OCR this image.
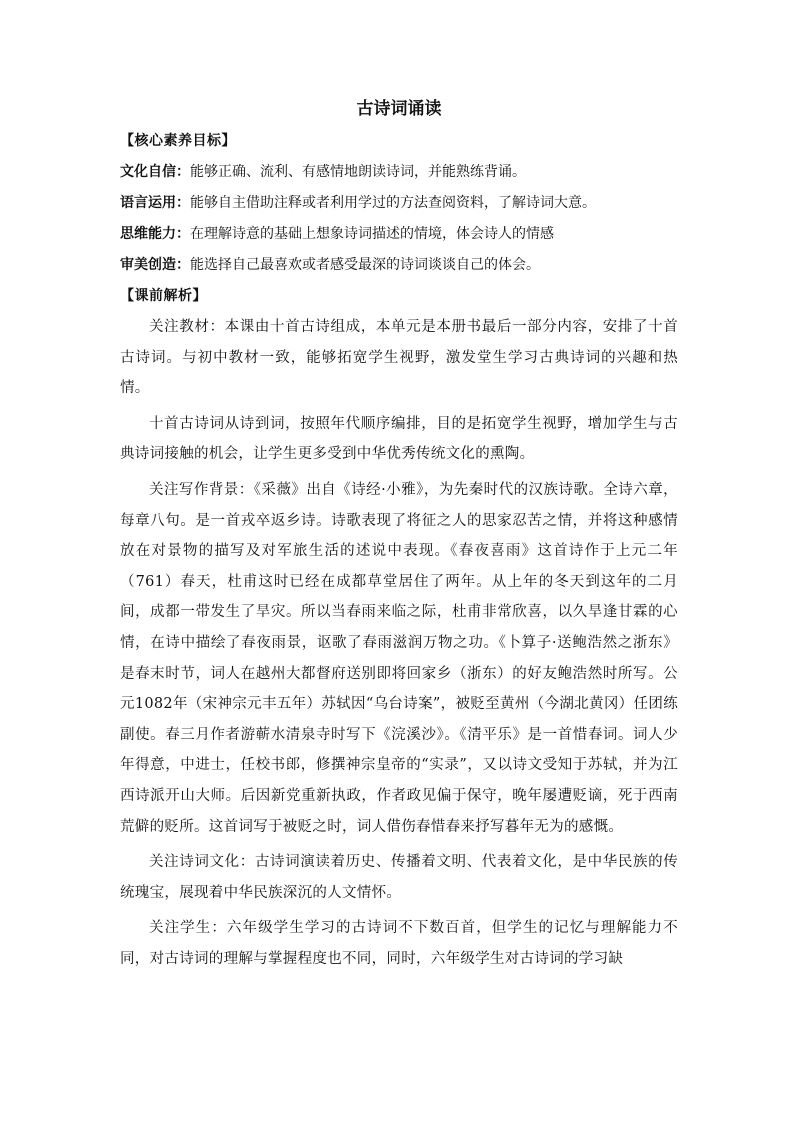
古诗词诵读
【核心素养目标】
文化自信：能够正确、流利、有感情地朗读诗词，并能熟练背诵。
语言运用：能够自主借助注释或者利用学过的方法查阅资料，了解诗词大意。
思维能力：在理解诗意的基础上想象诗词描述的情境，体会诗人的情感
审美创造：能选择自己最喜欢或者感受最深的诗词谈谈自己的体会。
【课前解析】

关注教材：本课由十首古诗组成，本单元是本册书最后一部分内容，安排了十首古诗词。与初中教材一致，能够拓宽学生视野，激发堂生学习古典诗词的兴趣和热情。

十首古诗词从诗到词，按照年代顺序编排，目的是拓宽学生视野，增加学生与古典诗词接触的机会，让学生更多受到中华优秀传统文化的熏陶。

关注写作背景：《采薇》出自《诗经·小雅》，为先秦时代的汉族诗歌。全诗六章，每章八句。是一首戎卒返乡诗。诗歌表现了将征之人的思家忍苦之情，并将这种感情放在对景物的描写及对军旅生活的述说中表现。《春夜喜雨》这首诗作于上元二年（761）春天，杜甫这时已经在成都草堂居住了两年。从上年的冬天到这年的二月间，成都一带发生了旱灾。所以当春雨来临之际，杜甫非常欣喜，以久旱逢甘霖的心情，在诗中描绘了春夜雨景，讴歌了春雨滋润万物之功。《卜算子·送鲍浩然之浙东》是春末时节，词人在越州大都督府送别即将回家乡（浙东）的好友鲍浩然时所写。公元1082年（宋神宗元丰五年）苏轼因“乌台诗案”，被贬至黄州（今湖北黄冈）任团练副使。春三月作者游蕲水清泉寺时写下《浣溪沙》。《清平乐》是一首惜春词。词人少年得意，中进士，任校书郎，修撰神宗皇帝的“实录”，又以诗文受知于苏轼，并为江西诗派开山大师。后因新党重新执政，作者政见偏于保守，晚年屡遭贬谪，死于西南荒僻的贬所。这首词写于被贬之时，词人借伤春惜春来抒写暮年无为的感慨。

关注诗词文化：古诗词演读着历史、传播着文明、代表着文化，是中华民族的传统瑰宝，展现着中华民族深沉的人文情怀。

关注学生：六年级学生学习的古诗词不下数百首，但学生的记忆与理解能力不同，对古诗词的理解与掌握程度也不同，同时，六年级学生对古诗词的学习缺
